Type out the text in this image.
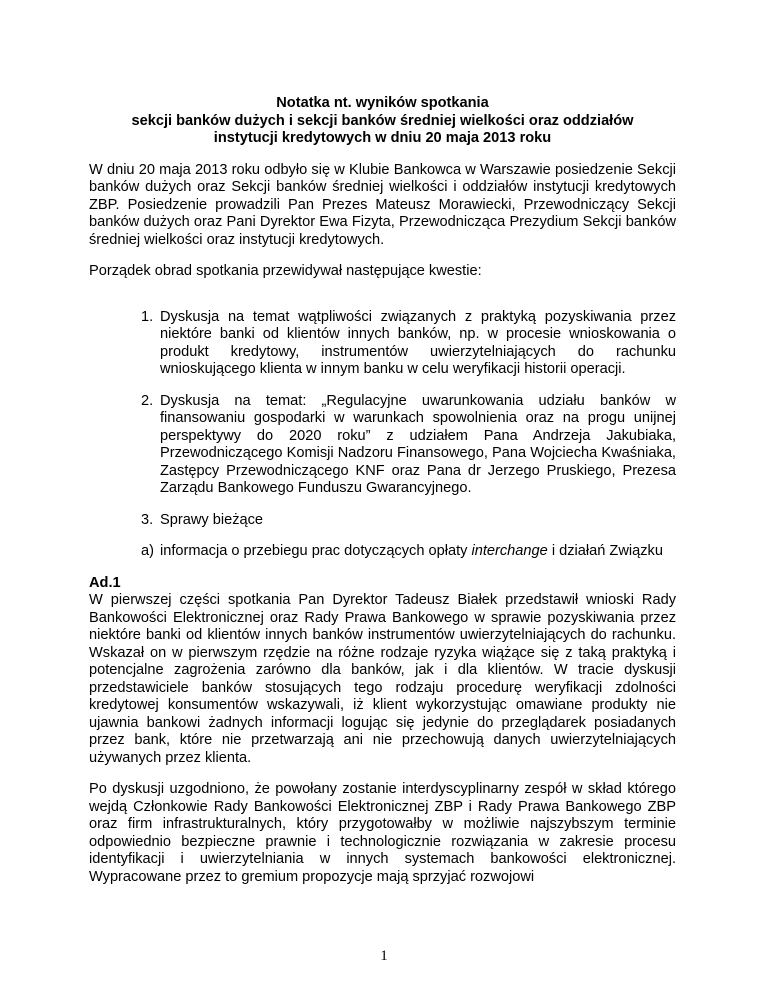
Notatka nt. wyników spotkania
sekcji banków dużych i sekcji banków średniej wielkości oraz oddziałów
instytucji kredytowych w dniu 20 maja 2013 roku

W dniu 20 maja 2013 roku odbyło się w Klubie Bankowca w Warszawie posiedzenie Sekcji banków dużych oraz Sekcji banków średniej wielkości i oddziałów instytucji kredytowych ZBP. Posiedzenie prowadzili Pan Prezes Mateusz Morawiecki, Przewodniczący Sekcji banków dużych oraz Pani Dyrektor Ewa Fizyta, Przewodnicząca Prezydium Sekcji banków średniej wielkości oraz instytucji kredytowych.

Porządek obrad spotkania przewidywał następujące kwestie:

1. Dyskusja na temat wątpliwości związanych z praktyką pozyskiwania przez niektóre banki od klientów innych banków, np. w procesie wnioskowania o produkt kredytowy, instrumentów uwierzytelniających do rachunku wnioskującego klienta w innym banku w celu weryfikacji historii operacji.
2. Dyskusja na temat: „Regulacyjne uwarunkowania udziału banków w finansowaniu gospodarki w warunkach spowolnienia oraz na progu unijnej perspektywy do 2020 roku” z udziałem Pana Andrzeja Jakubiaka, Przewodniczącego Komisji Nadzoru Finansowego, Pana Wojciecha Kwaśniaka, Zastępcy Przewodniczącego KNF oraz Pana dr Jerzego Pruskiego, Prezesa Zarządu Bankowego Funduszu Gwarancyjnego.
3. Sprawy bieżące
a) informacja o przebiegu prac dotyczących opłaty interchange i działań Związku
Ad.1

W pierwszej części spotkania Pan Dyrektor Tadeusz Białek przedstawił wnioski Rady Bankowości Elektronicznej oraz Rady Prawa Bankowego w sprawie pozyskiwania przez niektóre banki od klientów innych banków instrumentów uwierzytelniających do rachunku. Wskazał on w pierwszym rzędzie na różne rodzaje ryzyka wiążące się z taką praktyką i potencjalne zagrożenia zarówno dla banków, jak i dla klientów. W tracie dyskusji przedstawiciele banków stosujących tego rodzaju procedurę weryfikacji zdolności kredytowej konsumentów wskazywali, iż klient wykorzystując omawiane produkty nie ujawnia bankowi żadnych informacji logując się jedynie do przeglądarek posiadanych przez bank, które nie przetwarzają ani nie przechowują danych uwierzytelniających używanych przez klienta.

Po dyskusji uzgodniono, że powołany zostanie interdyscyplinarny zespół w skład którego wejdą Członkowie Rady Bankowości Elektronicznej ZBP i Rady Prawa Bankowego ZBP oraz firm infrastrukturalnych, który przygotowałby w możliwie najszybszym terminie odpowiednio bezpieczne prawnie i technologicznie rozwiązania w zakresie procesu identyfikacji i uwierzytelniania w innych systemach bankowości elektronicznej. Wypracowane przez to gremium propozycje mają sprzyjać rozwojowi

1
